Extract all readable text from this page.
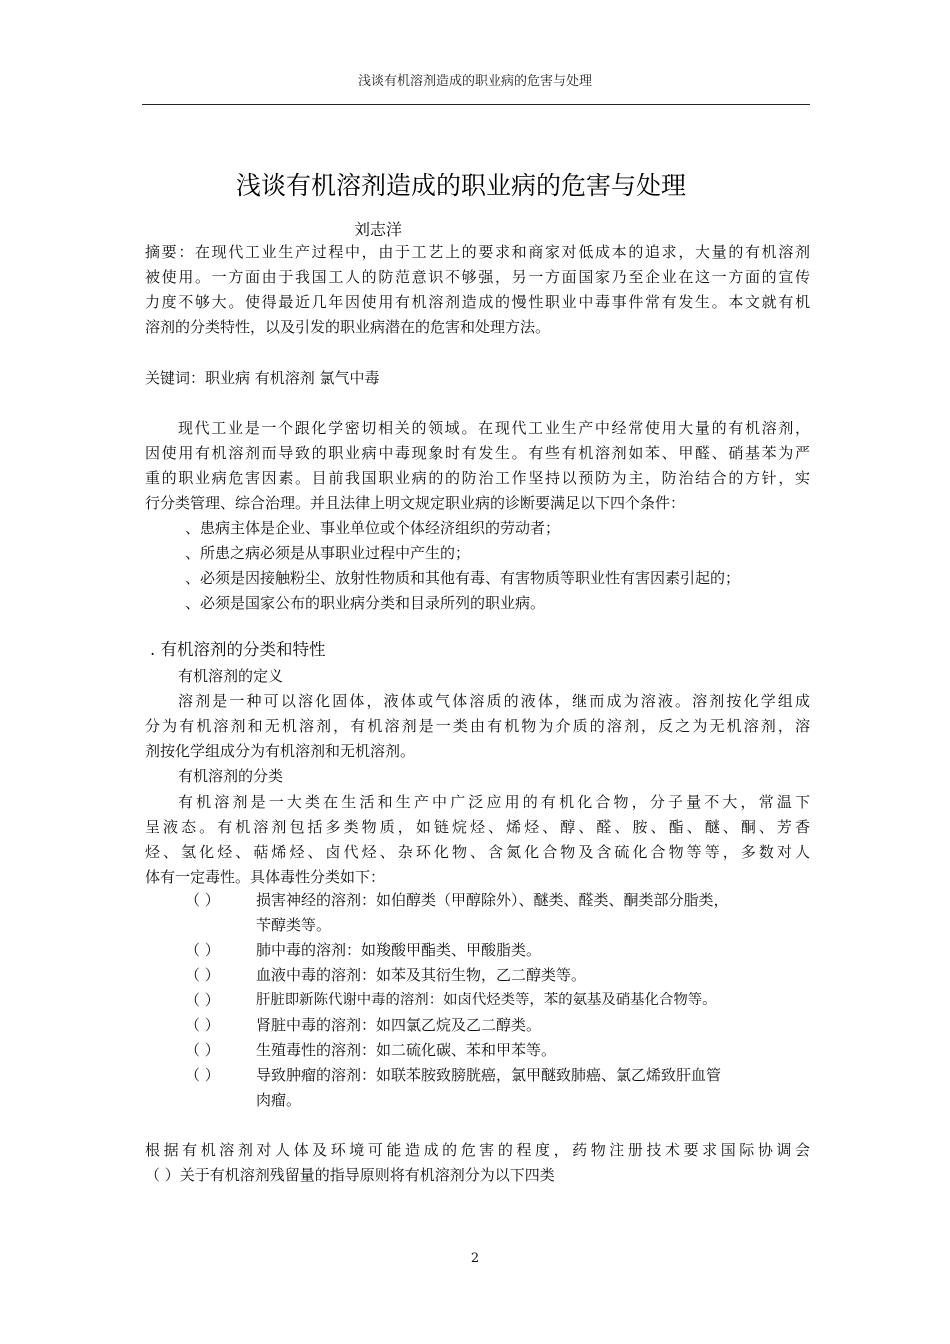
浅谈有机溶剂造成的职业病的危害与处理
浅谈有机溶剂造成的职业病的危害与处理
刘志洋
摘要：在现代工业生产过程中，由于工艺上的要求和商家对低成本的追求，大量的有机溶剂
被使用。一方面由于我国工人的防范意识不够强，另一方面国家乃至企业在这一方面的宣传
力度不够大。使得最近几年因使用有机溶剂造成的慢性职业中毒事件常有发生。本文就有机
溶剂的分类特性，以及引发的职业病潜在的危害和处理方法。
关键词：职业病 有机溶剂 氯气中毒
现代工业是一个跟化学密切相关的领域。在现代工业生产中经常使用大量的有机溶剂，
因使用有机溶剂而导致的职业病中毒现象时有发生。有些有机溶剂如苯、甲醛、硝基苯为严
重的职业病危害因素。目前我国职业病的的防治工作坚持以预防为主，防治结合的方针，实
行分类管理、综合治理。并且法律上明文规定职业病的诊断要满足以下四个条件：
、患病主体是企业、事业单位或个体经济组织的劳动者；
、所患之病必须是从事职业过程中产生的；
、必须是因接触粉尘、放射性物质和其他有毒、有害物质等职业性有害因素引起的；
、必须是国家公布的职业病分类和目录所列的职业病。
. 有机溶剂的分类和特性
有机溶剂的定义
溶剂是一种可以溶化固体，液体或气体溶质的液体，继而成为溶液。溶剂按化学组成
分为有机溶剂和无机溶剂，有机溶剂是一类由有机物为介质的溶剂，反之为无机溶剂，溶
剂按化学组成分为有机溶剂和无机溶剂。
有机溶剂的分类
有机溶剂是一大类在生活和生产中广泛应用的有机化合物，分子量不大，常温下
呈液态。有机溶剂包括多类物质，如链烷烃、烯烃、醇、醛、胺、酯、醚、酮、芳香
烃、氢化烃、萜烯烃、卤代烃、杂环化物、含氮化合物及含硫化合物等等，多数对人
体有一定毒性。具体毒性分类如下：
（ ） 损害神经的溶剂：如伯醇类（甲醇除外）、醚类、醛类、酮类部分脂类，
苄醇类等。
（ ） 肺中毒的溶剂：如羧酸甲酯类、甲酸脂类。
（ ） 血液中毒的溶剂：如苯及其衍生物，乙二醇类等。
（ ）	肝脏即新陈代谢中毒的溶剂：如卤代烃类等，苯的氨基及硝基化合物等。
（ ） 肾脏中毒的溶剂：如四氯乙烷及乙二醇类。
（ ） 生殖毒性的溶剂：如二硫化碳、苯和甲苯等。
（ ） 导致肿瘤的溶剂：如联苯胺致膀胱癌，氯甲醚致肺癌、氯乙烯致肝血管
肉瘤。
根据有机溶剂对人体及环境可能造成的危害的程度，药物注册技术要求国际协调会
（ ）关于有机溶剂残留量的指导原则将有机溶剂分为以下四类
2
